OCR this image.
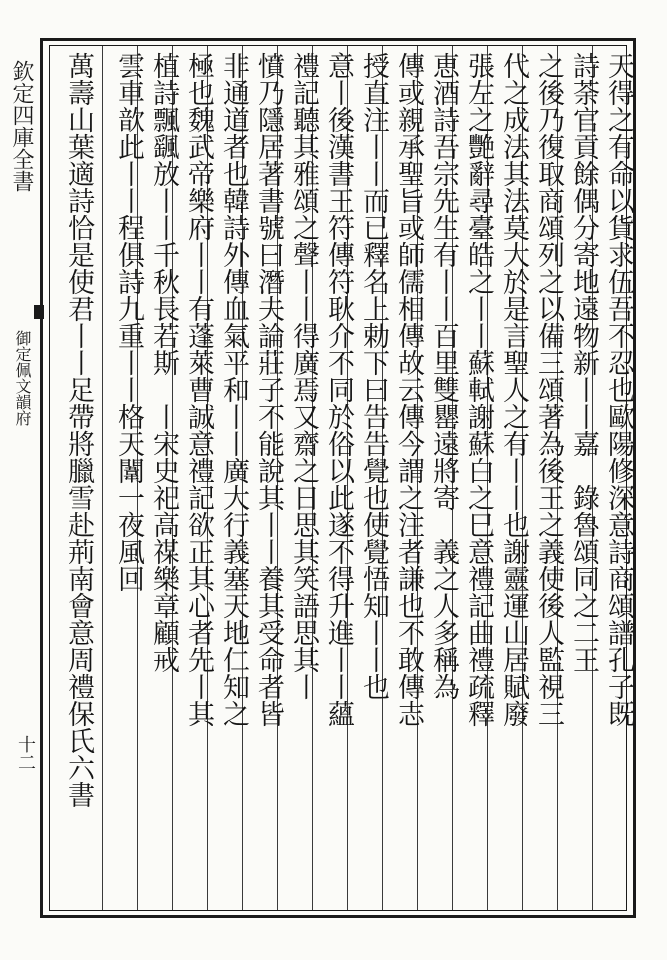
欽定四庫全書
御定佩文韻府
十二
天得之有命以貨求伍吾不忍也歐陽修深意詩商頌譜孔子既
詩荼官貢餘偶分寄地遠物新丨丨嘉　錄魯頌同之二王
之後乃復取商頌列之以備三頌著為後王之義使後人監視三
代之成法其法莫大於是言聖人之有丨丨也謝靈運山居賦廢
張左之艷辭尋臺皓之丨丨蘇軾謝蘇白之巳意禮記曲禮疏釋
恵酒詩吾宗先生有丨丨百里雙罌遠將寄　義之人多稱為
傳或親承聖旨或師儒相傳故云傳今謂之注者謙也不敢傳志
授直注丨丨而已釋名上勅下曰告告覺也使覺悟知丨丨也
意丨後漢書王符傳符耿介不同於俗以此遂不得升進丨丨蘊
禮記聽其雅頌之聲丨丨得廣焉又齋之日思其笑語思其丨
憤乃隱居著書號曰潛夫論莊子不能說其丨丨養其受命者皆
非通道者也韓詩外傳血氣平和丨丨廣大行義塞天地仁知之
極也魏武帝樂府丨丨有蓬萊曹誠意禮記欲正其心者先丨其
植詩飄颻放丨丨千秋長若斯　丨宋史祀高禖樂章顧戒
雲車歆此丨丨程俱詩九重丨丨格天闈一夜風回
萬壽山葉適詩恰是使君丨丨足帶將臘雪赴荊南會意周禮保氏六書
